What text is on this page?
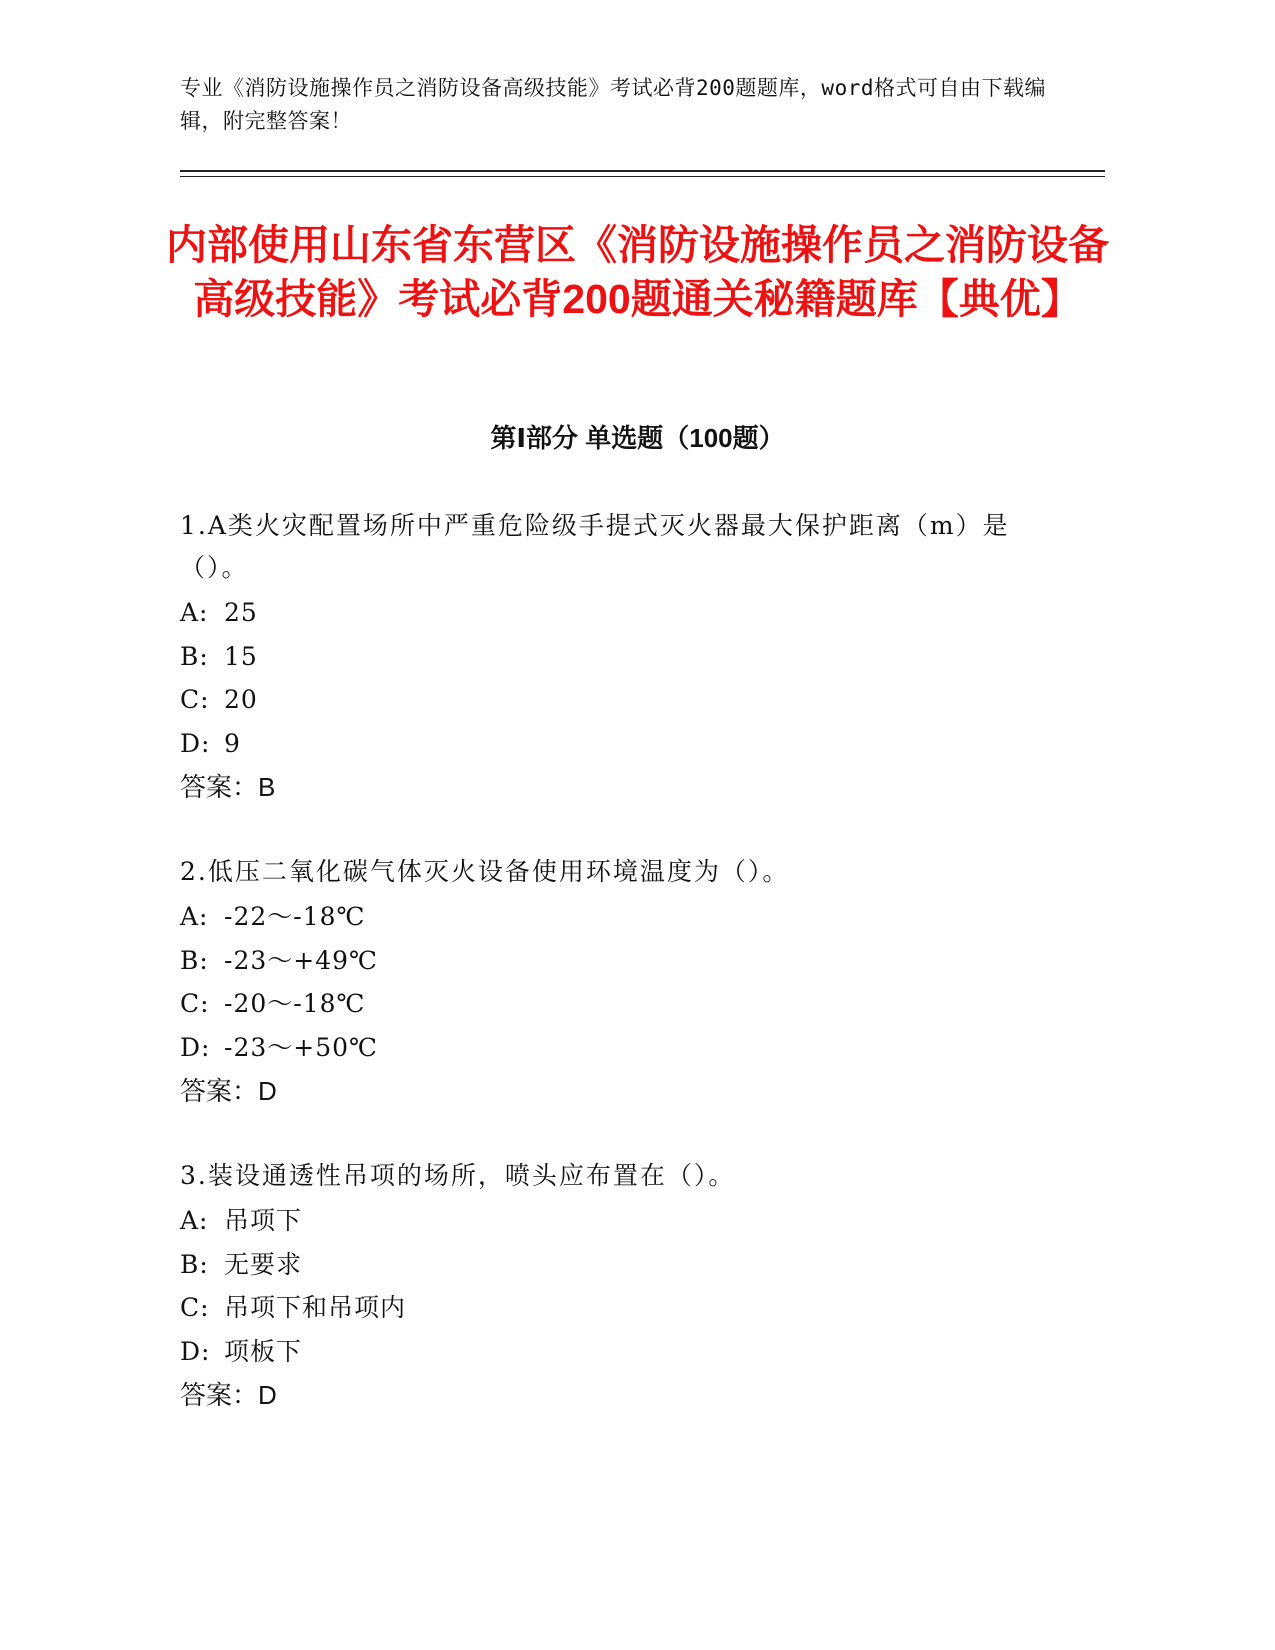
专业《消防设施操作员之消防设备高级技能》考试必背200题题库，word格式可自由下载编辑，附完整答案！
内部使用山东省东营区《消防设施操作员之消防设备高级技能》考试必背200题通关秘籍题库【典优】
第Ⅰ部分 单选题（100题）
1.A类火灾配置场所中严重危险级手提式灭火器最大保护距离（m）是（）。
A: 25
B: 15
C: 20
D: 9
答案：B
2.低压二氧化碳气体灭火设备使用环境温度为（）。
A: -22～-18℃
B: -23～+49℃
C: -20～-18℃
D: -23～+50℃
答案：D
3.装设通透性吊项的场所，喷头应布置在（）。
A: 吊项下
B: 无要求
C: 吊项下和吊项内
D: 项板下
答案：D
